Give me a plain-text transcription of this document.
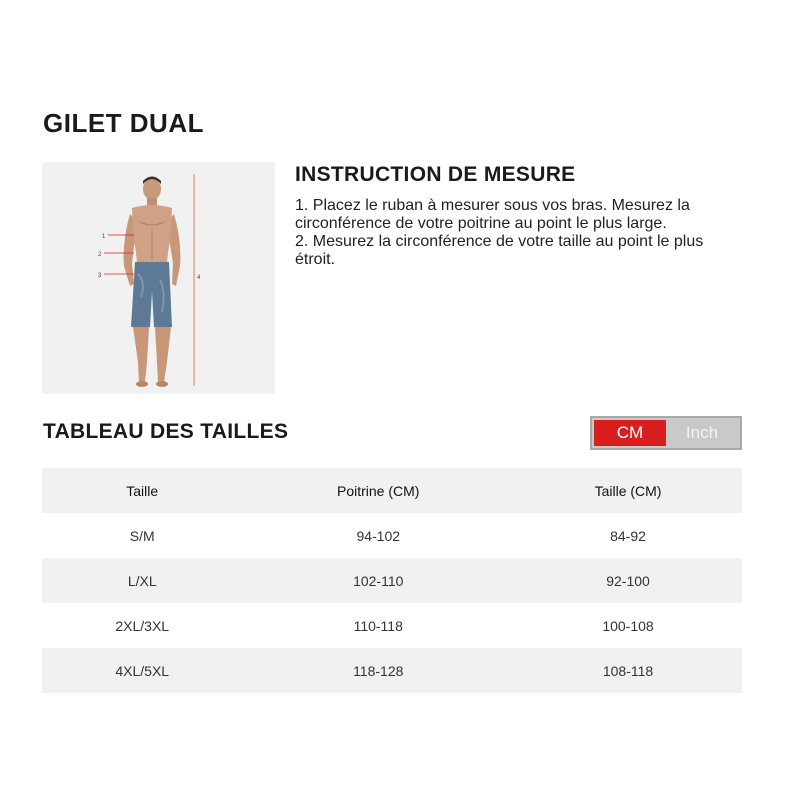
GILET DUAL
1
2
3	4
INSTRUCTION DE MESURE

1. Placez le ruban à mesurer sous vos bras. Mesurez la circonférence de votre poitrine au point le plus large.

2. Mesurez la circonférence de votre taille au point le plus étroit.

TABLEAU DES TAILLES	CM	Inch
Taille	Poitrine (CM)	Taille (CM)
S/M	94-102	84-92
L/XL	102-110	92-100
2XL/3XL	110-118	100-108
4XL/5XL	118-128	108-118
